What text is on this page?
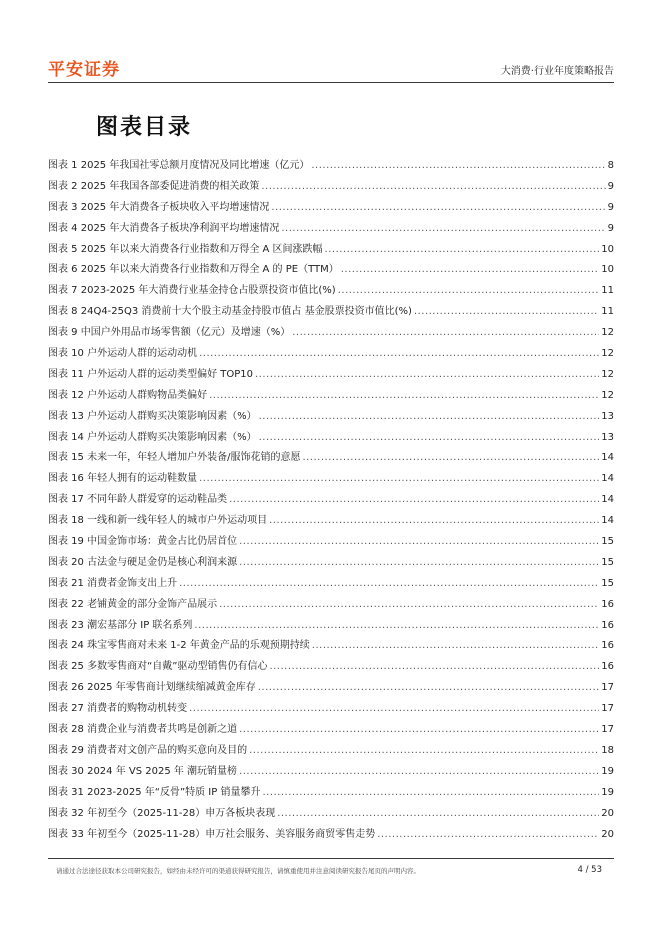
平安证券	大消费·行业年度策略报告
图表目录
图表 1 2025 年我国社零总额月度情况及同比增速（亿元） .....	8
图表 2 2025 年我国各部委促进消费的相关政策 .....	9
图表 3 2025 年大消费各子板块收入平均增速情况 .....	9
图表 4 2025 年大消费各子板块净利润平均增速情况 .....	9
图表 5 2025 年以来大消费各行业指数和万得全 A 区间涨跌幅 .....	10
图表 6 2025 年以来大消费各行业指数和万得全 A 的 PE（TTM） .....	10
图表 7 2023-2025 年大消费行业基金持仓占股票投资市值比(%) .....	11
图表 8 24Q4-25Q3 消费前十大个股主动基金持股市值占 基金股票投资市值比(%) .....	11
图表 9 中国户外用品市场零售额（亿元）及增速（%） .....	12
图表 10 户外运动人群的运动动机 .....	12
图表 11 户外运动人群的运动类型偏好 TOP10 .....	12
图表 12 户外运动人群购物品类偏好 .....	12
图表 13 户外运动人群购买决策影响因素（%） .....	13
图表 14 户外运动人群购买决策影响因素（%） .....	13
图表 15 未来一年，年轻人增加户外装备/服饰花销的意愿 .....	14
图表 16 年轻人拥有的运动鞋数量 .....	14
图表 17 不同年龄人群爱穿的运动鞋品类 .....	14
图表 18 一线和新一线年轻人的城市户外运动项目 .....	14
图表 19 中国金饰市场：黄金占比仍居首位 .....	15
图表 20 古法金与硬足金仍是核心利润来源 .....	15
图表 21 消费者金饰支出上升 .....	15
图表 22 老铺黄金的部分金饰产品展示 .....	16
图表 23 潮宏基部分 IP 联名系列 .....	16
图表 24 珠宝零售商对未来 1-2 年黄金产品的乐观预期持续 .....	16
图表 25 多数零售商对“自戴”驱动型销售仍有信心 .....	16
图表 26 2025 年零售商计划继续缩减黄金库存 .....	17
图表 27 消费者的购物动机转变 .....	17
图表 28 消费企业与消费者共鸣是创新之道 .....	17
图表 29 消费者对文创产品的购买意向及目的 .....	18
图表 30 2024 年 VS 2025 年 潮玩销量榜 .....	19
图表 31 2023-2025 年“反骨”特质 IP 销量攀升 .....	19
图表 32 年初至今（2025-11-28）申万各板块表现 .....	20
图表 33 年初至今（2025-11-28）申万社会服务、美容服务商贸零售走势 .....	20
请通过合法途径获取本公司研究报告，如经由未经许可的渠道获得研究报告，请慎重使用并注意阅读研究报告尾页的声明内容。	4 / 53
